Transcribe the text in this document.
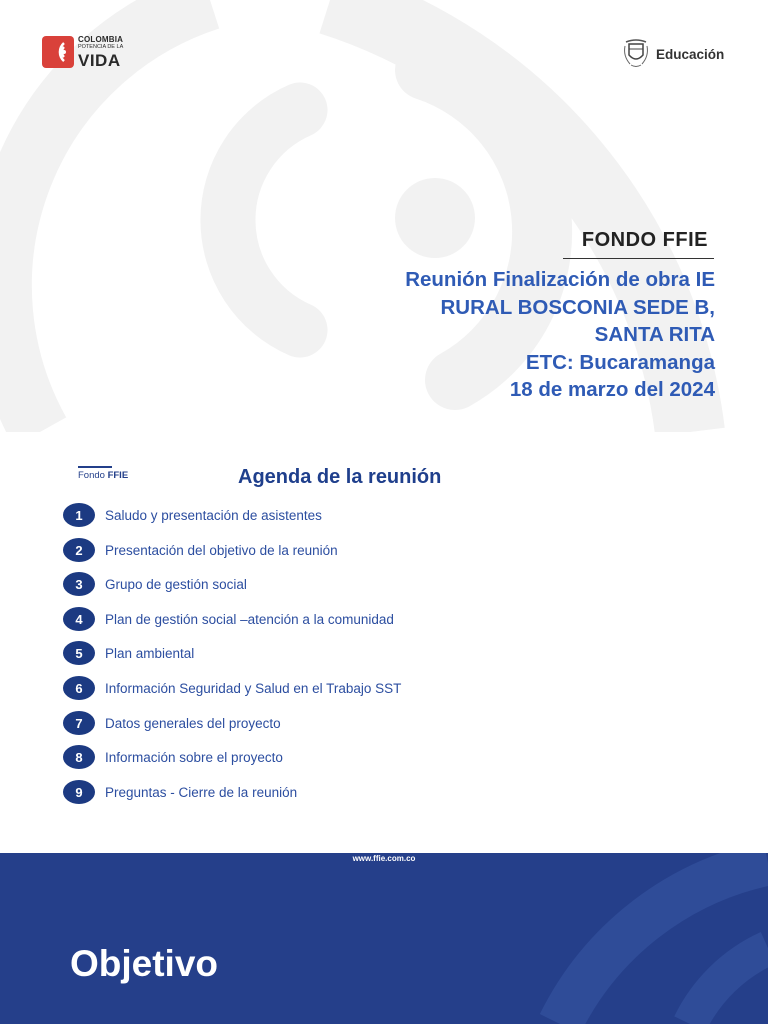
COLOMBIA
POTENCIA DE LA
VIDA	Educación
FONDO FFIE
Reunión Finalización de obra IE
RURAL BOSCONIA SEDE B,
SANTA RITA
ETC: Bucaramanga
18 de marzo del 2024
Fondo FFIE	Agenda de la reunión
1	Saludo y presentación de asistentes
2	Presentación del objetivo de la reunión
3	Grupo de gestión social
4	Plan de gestión social –atención a la comunidad
5	Plan ambiental
6	Información Seguridad y Salud en el Trabajo SST
7	Datos generales del proyecto
8	Información sobre el proyecto
9	Preguntas - Cierre de la reunión
www.ffie.com.co
Objetivo
